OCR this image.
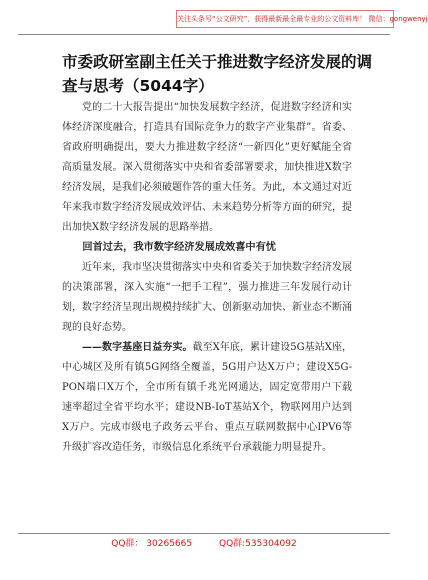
关注头条号“公文研究”，获得最新最全最专业的公文资料库！ 微信：gongwenyj
市委政研室副主任关于推进数字经济发展的调查与思考（5044字）

党的二十大报告提出“加快发展数字经济，促进数字经济和实体经济深度融合，打造具有国际竞争力的数字产业集群”。省委、省政府明确提出，要大力推进数字经济“一新四化”更好赋能全省高质量发展。深入贯彻落实中央和省委部署要求，加快推进X数字经济发展，是我们必须破题作答的重大任务。为此，本文通过对近年来我市数字经济发展成效评估、未来趋势分析等方面的研究，提出加快X数字经济发展的思路举措。

回首过去，我市数字经济发展成效喜中有忧

近年来，我市坚决贯彻落实中央和省委关于加快数字经济发展的决策部署，深入实施“一把手工程”，强力推进三年发展行动计划，数字经济呈现出规模持续扩大、创新驱动加快、新业态不断涌现的良好态势。

——数字基座日益夯实。截至X年底，累计建设5G基站X座，中心城区及所有镇5G网络全覆盖，5G用户达X万户；建设X5G-PON端口X万个，全市所有镇千兆光网通达，固定宽带用户下载速率超过全省平均水平；建设NB-IoT基站X个，物联网用户达到X万户。完成市级电子政务云平台、重点互联网数据中心IPV6等升级扩容改造任务，市级信息化系统平台承载能力明显提升。

QQ群： 30265665	QQ群:535304092
